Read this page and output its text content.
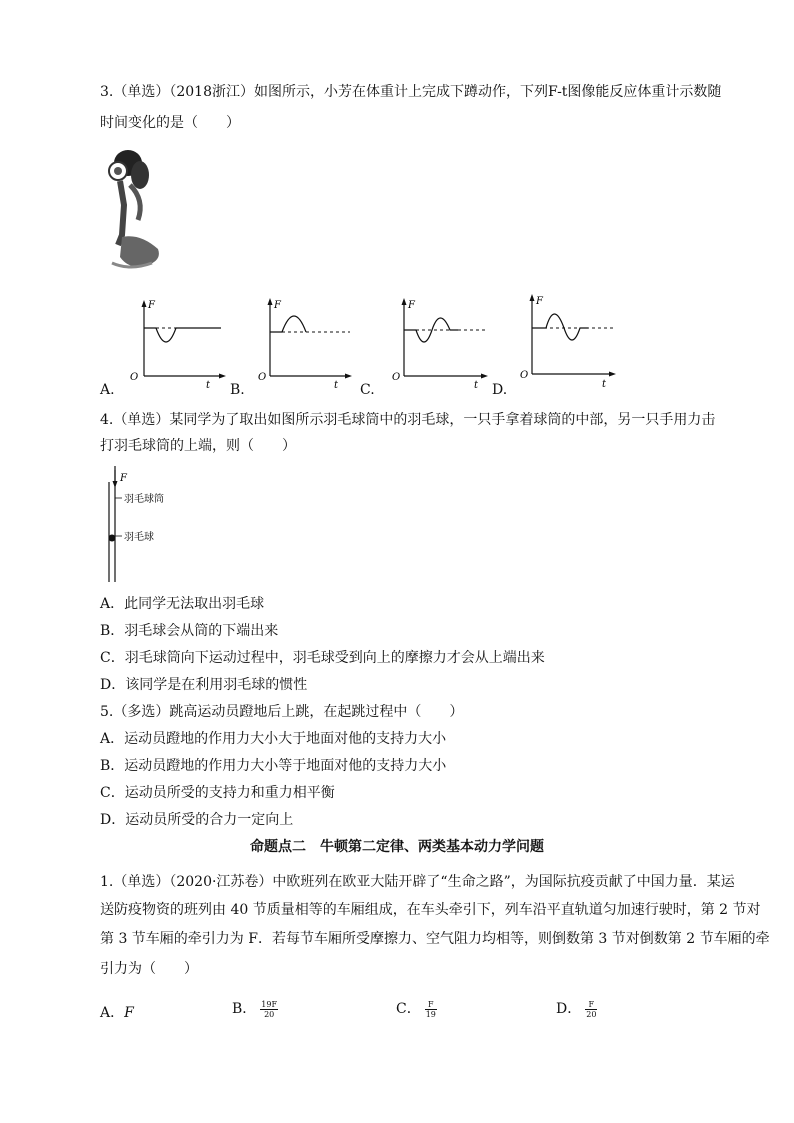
3.（单选）（2018浙江）如图所示，小芳在体重计上完成下蹲动作，下列F-t图像能反应体重计示数随
时间变化的是（　　）
A.
F
t
O
B.
F
t
O
C.
F
t
O
D.
F
t
O
4.（单选）某同学为了取出如图所示羽毛球筒中的羽毛球，一只手拿着球筒的中部，另一只手用力击
打羽毛球筒的上端，则（　　）
F
羽毛球筒
羽毛球
A．此同学无法取出羽毛球
B．羽毛球会从筒的下端出来
C．羽毛球筒向下运动过程中，羽毛球受到向上的摩擦力才会从上端出来
D．该同学是在利用羽毛球的惯性
5.（多选）跳高运动员蹬地后上跳，在起跳过程中（　　）
A．运动员蹬地的作用力大小大于地面对他的支持力大小
B．运动员蹬地的作用力大小等于地面对他的支持力大小
C．运动员所受的支持力和重力相平衡
D．运动员所受的合力一定向上
命题点二　牛顿第二定律、两类基本动力学问题
1.（单选）（2020·江苏卷）中欧班列在欧亚大陆开辟了“生命之路”，为国际抗疫贡献了中国力量．某运
送防疫物资的班列由 40 节质量相等的车厢组成，在车头牵引下，列车沿平直轨道匀加速行驶时，第 2 节对
第 3 节车厢的牵引力为 F．若每节车厢所受摩擦力、空气阻力均相等，则倒数第 3 节对倒数第 2 节车厢的牵
引力为（　　）
A．F	B． $\frac{19F}{20}$	C． $\frac{F}{19}$	D． $\frac{F}{20}$
